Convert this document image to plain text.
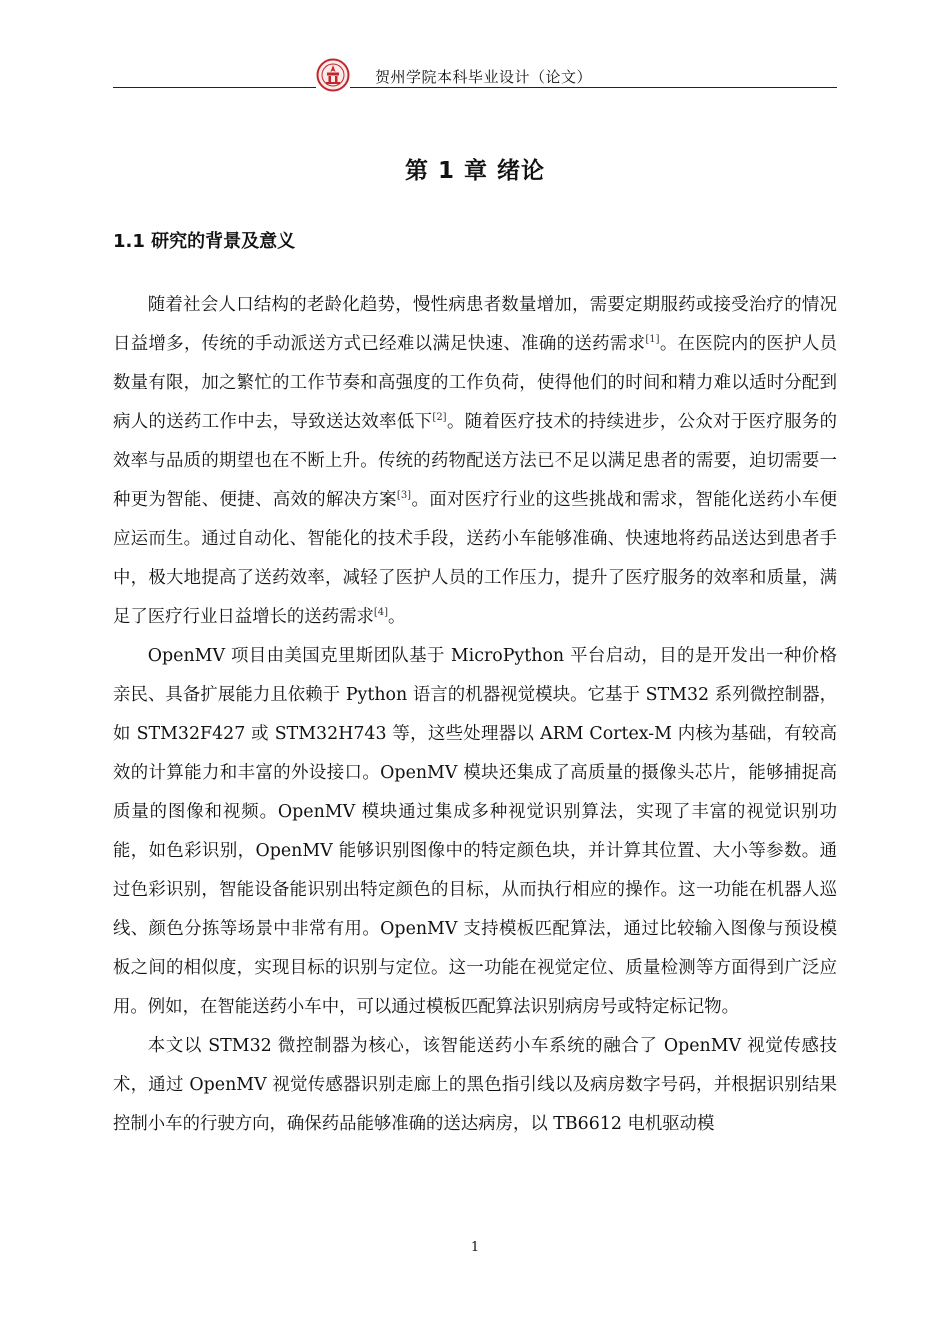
贺州学院本科毕业设计（论文）
第 1 章 绪论
1.1 研究的背景及意义

随着社会人口结构的老龄化趋势，慢性病患者数量增加，需要定期服药或接受治疗的情况日益增多，传统的手动派送方式已经难以满足快速、准确的送药需求[1]。在医院内的医护人员数量有限，加之繁忙的工作节奏和高强度的工作负荷，使得他们的时间和精力难以适时分配到病人的送药工作中去，导致送达效率低下[2]。随着医疗技术的持续进步，公众对于医疗服务的效率与品质的期望也在不断上升。传统的药物配送方法已不足以满足患者的需要，迫切需要一种更为智能、便捷、高效的解决方案[3]。面对医疗行业的这些挑战和需求，智能化送药小车便应运而生。通过自动化、智能化的技术手段，送药小车能够准确、快速地将药品送达到患者手中，极大地提高了送药效率，减轻了医护人员的工作压力，提升了医疗服务的效率和质量，满足了医疗行业日益增长的送药需求[4]。

OpenMV 项目由美国克里斯团队基于 MicroPython 平台启动，目的是开发出一种价格亲民、具备扩展能力且依赖于 Python 语言的机器视觉模块。它基于 STM32 系列微控制器，如 STM32F427 或 STM32H743 等，这些处理器以 ARM Cortex-M 内核为基础，有较高效的计算能力和丰富的外设接口。OpenMV 模块还集成了高质量的摄像头芯片，能够捕捉高质量的图像和视频。OpenMV 模块通过集成多种视觉识别算法，实现了丰富的视觉识别功能，如色彩识别，OpenMV 能够识别图像中的特定颜色块，并计算其位置、大小等参数。通过色彩识别，智能设备能识别出特定颜色的目标，从而执行相应的操作。这一功能在机器人巡线、颜色分拣等场景中非常有用。OpenMV 支持模板匹配算法，通过比较输入图像与预设模板之间的相似度，实现目标的识别与定位。这一功能在视觉定位、质量检测等方面得到广泛应用。例如，在智能送药小车中，可以通过模板匹配算法识别病房号或特定标记物。

本文以 STM32 微控制器为核心，该智能送药小车系统的融合了 OpenMV 视觉传感技术，通过 OpenMV 视觉传感器识别走廊上的黑色指引线以及病房数字号码，并根据识别结果控制小车的行驶方向，确保药品能够准确的送达病房，以 TB6612 电机驱动模

1
